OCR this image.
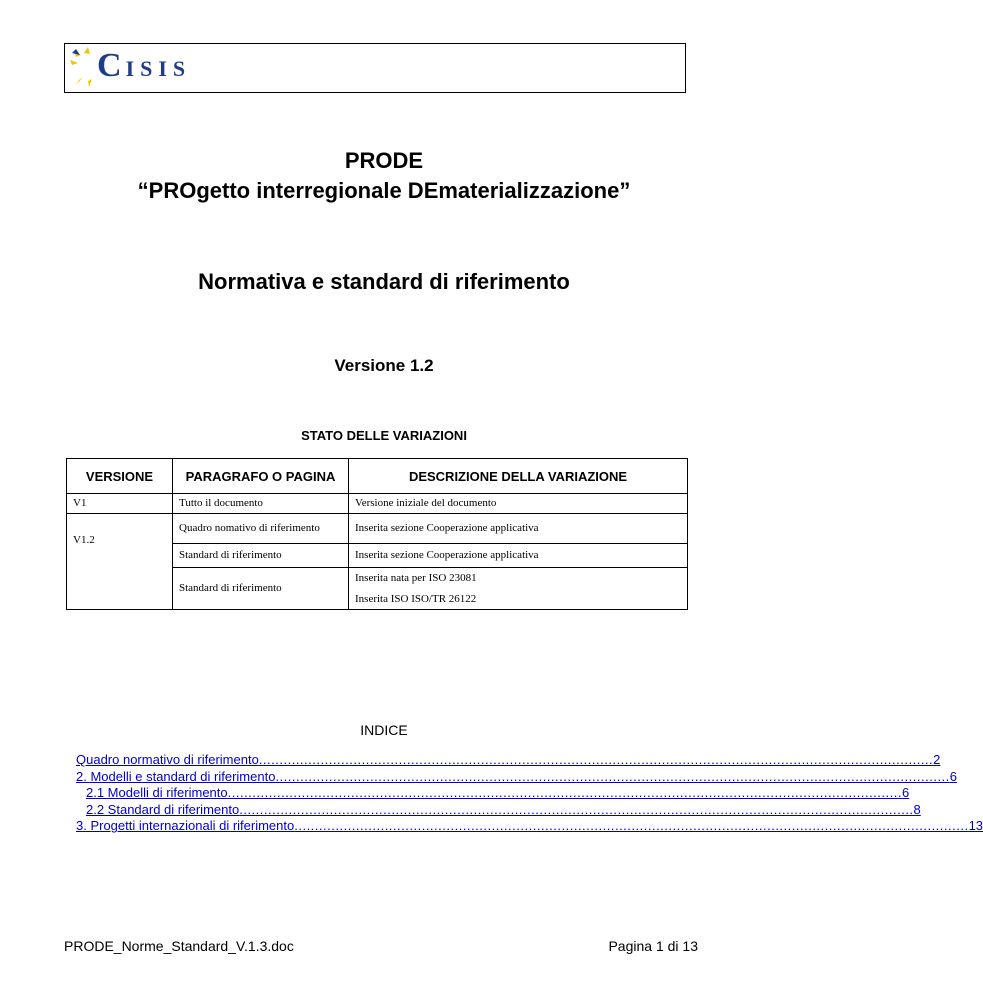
CISIS
PRODE
“PROgetto interregionale DEmaterializzazione”
Normativa e standard di riferimento
Versione 1.2
STATO DELLE VARIAZIONI
VERSIONE	PARAGRAFO O PAGINA	DESCRIZIONE DELLA VARIAZIONE
V1	Tutto il documento	Versione iniziale del documento
V1.2	Quadro nomativo di riferimento	Inserita sezione Cooperazione applicativa
	Standard di riferimento	Inserita sezione Cooperazione applicativa
	Standard di riferimento	Inserita nata per ISO 23081
Inserita ISO ISO/TR 26122
INDICE
Quadro normativo di riferimento .................................................................................................................................................................... 2
2. Modelli e standard di riferimento .................................................................................................................................................................... 6
2.1 Modelli di riferimento .................................................................................................................................................................... 6
2.2 Standard di riferimento .................................................................................................................................................................... 8
3. Progetti internazionali di riferimento .................................................................................................................................................................... 13
PRODE_Norme_Standard_V.1.3.doc	Pagina 1 di 13
